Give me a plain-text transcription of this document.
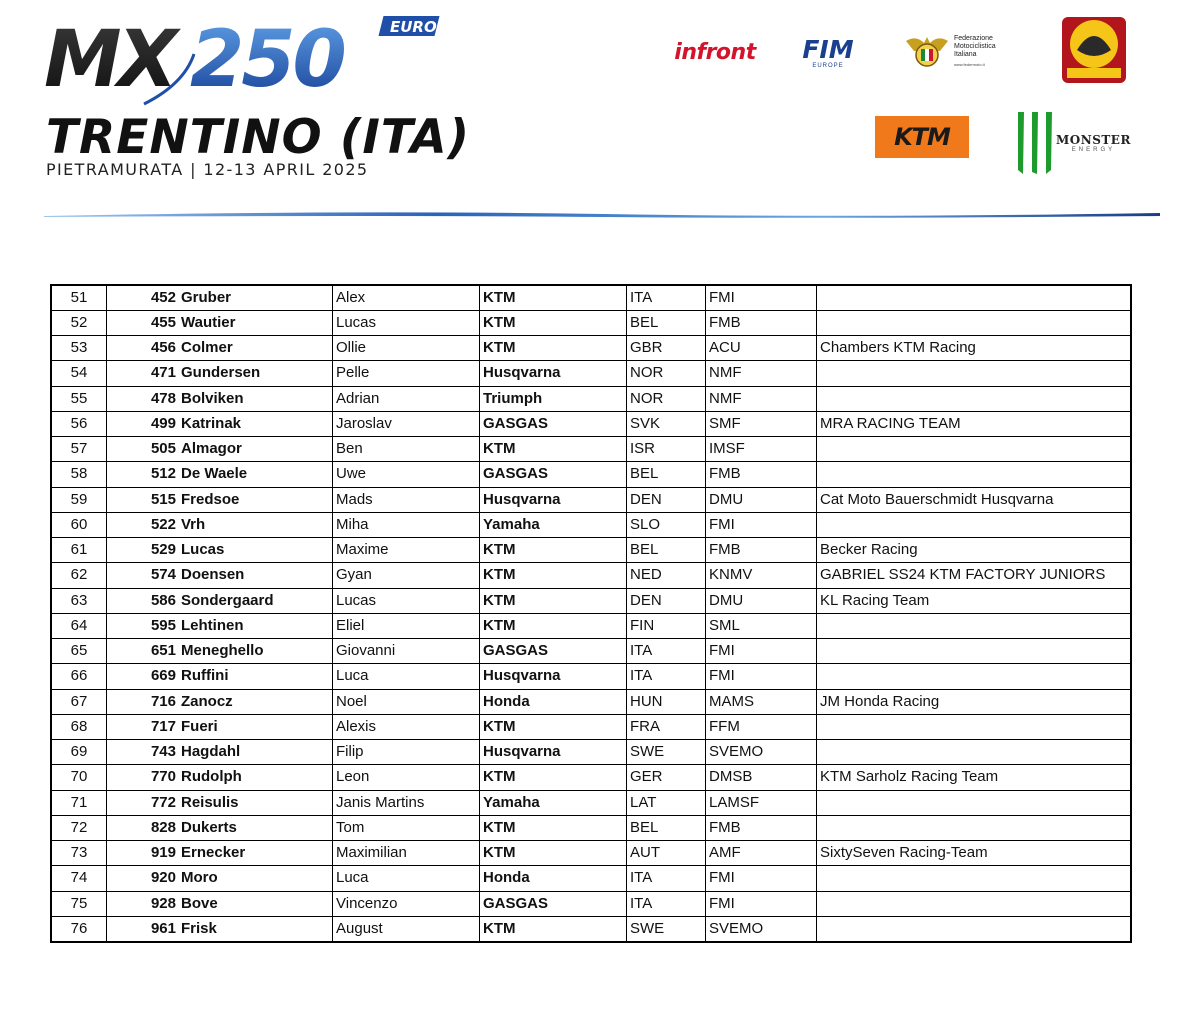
MX 250	EURO
TRENTINO (ITA)
PIETRAMURATA | 12-13 APRIL 2025
infront FIM
EUROPE
Federazione
Motociclistica
Italiana
www.federmoto.it
KTM	MONSTER
ENERGY
51	452	Gruber	Alex	KTM	ITA	FMI	
52	455	Wautier	Lucas	KTM	BEL	FMB	
53	456	Colmer	Ollie	KTM	GBR	ACU	Chambers KTM Racing
54	471	Gundersen	Pelle	Husqvarna	NOR	NMF	
55	478	Bolviken	Adrian	Triumph	NOR	NMF	
56	499	Katrinak	Jaroslav	GASGAS	SVK	SMF	MRA RACING TEAM
57	505	Almagor	Ben	KTM	ISR	IMSF	
58	512	De Waele	Uwe	GASGAS	BEL	FMB	
59	515	Fredsoe	Mads	Husqvarna	DEN	DMU	Cat Moto Bauerschmidt Husqvarna
60	522	Vrh	Miha	Yamaha	SLO	FMI	
61	529	Lucas	Maxime	KTM	BEL	FMB	Becker Racing
62	574	Doensen	Gyan	KTM	NED	KNMV	GABRIEL SS24 KTM FACTORY JUNIORS
63	586	Sondergaard	Lucas	KTM	DEN	DMU	KL Racing Team
64	595	Lehtinen	Eliel	KTM	FIN	SML	
65	651	Meneghello	Giovanni	GASGAS	ITA	FMI	
66	669	Ruffini	Luca	Husqvarna	ITA	FMI	
67	716	Zanocz	Noel	Honda	HUN	MAMS	JM Honda Racing
68	717	Fueri	Alexis	KTM	FRA	FFM	
69	743	Hagdahl	Filip	Husqvarna	SWE	SVEMO	
70	770	Rudolph	Leon	KTM	GER	DMSB	KTM Sarholz Racing Team
71	772	Reisulis	Janis Martins	Yamaha	LAT	LAMSF	
72	828	Dukerts	Tom	KTM	BEL	FMB	
73	919	Ernecker	Maximilian	KTM	AUT	AMF	SixtySeven Racing-Team
74	920	Moro	Luca	Honda	ITA	FMI	
75	928	Bove	Vincenzo	GASGAS	ITA	FMI	
76	961	Frisk	August	KTM	SWE	SVEMO	
